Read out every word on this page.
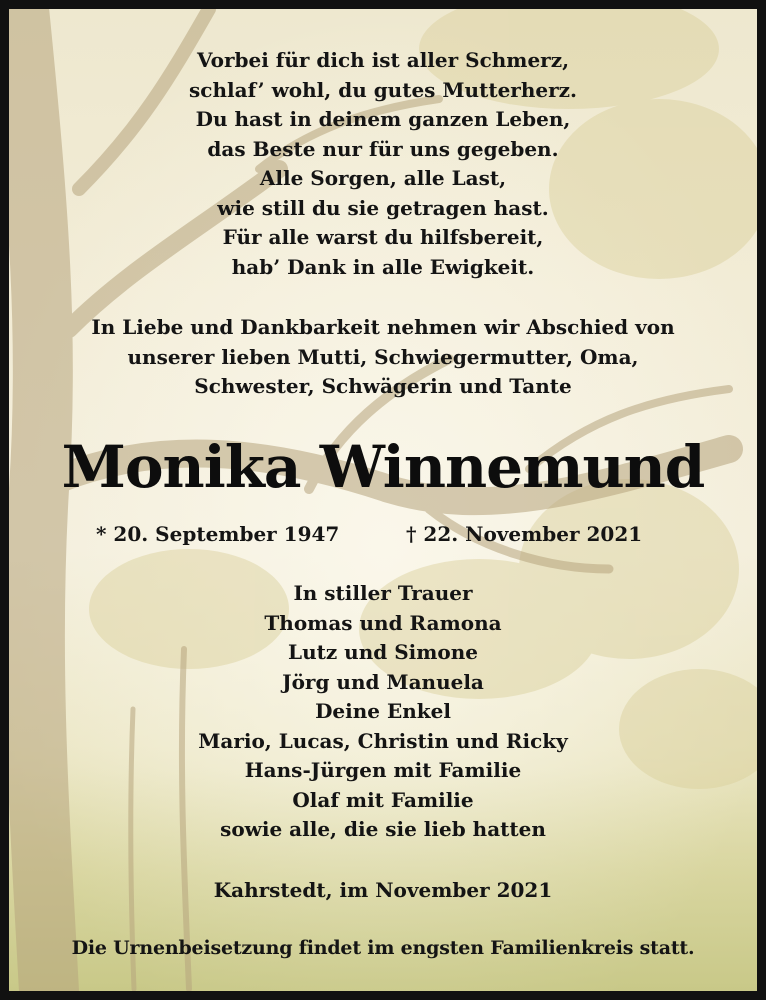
Vorbei für dich ist aller Schmerz,
schlaf’ wohl, du gutes Mutterherz.
Du hast in deinem ganzen Leben,
das Beste nur für uns gegeben.
Alle Sorgen, alle Last,
wie still du sie getragen hast.
Für alle warst du hilfsbereit,
hab’ Dank in alle Ewigkeit.
In Liebe und Dankbarkeit nehmen wir Abschied von
unserer lieben Mutti, Schwiegermutter, Oma,
Schwester, Schwägerin und Tante
Monika Winnemund
* 20. September 1947	† 22. November 2021
In stiller Trauer
Thomas und Ramona
Lutz und Simone
Jörg und Manuela
Deine Enkel
Mario, Lucas, Christin und Ricky
Hans-Jürgen mit Familie
Olaf mit Familie
sowie alle, die sie lieb hatten
Kahrstedt, im November 2021
Die Urnenbeisetzung findet im engsten Familienkreis statt.
